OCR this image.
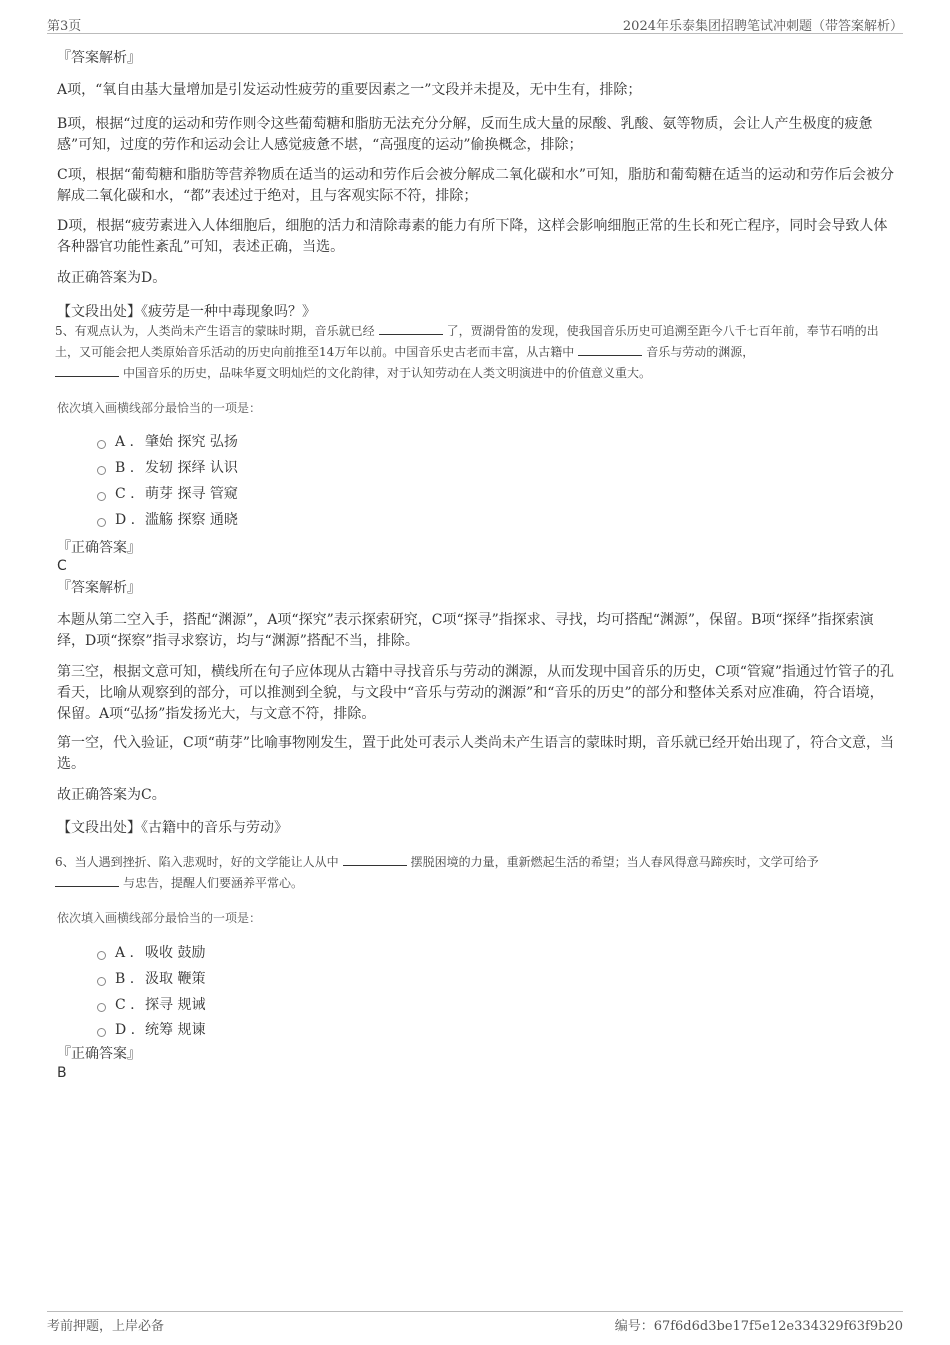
第3页	2024年乐泰集团招聘笔试冲刺题（带答案解析）
『答案解析』
A项，“氧自由基大量增加是引发运动性疲劳的重要因素之一”文段并未提及，无中生有，排除；
B项，根据“过度的运动和劳作则令这些葡萄糖和脂肪无法充分分解，反而生成大量的尿酸、乳酸、氨等物质，会让人产生极度的疲惫感”可知，过度的劳作和运动会让人感觉疲惫不堪，“高强度的运动”偷换概念，排除；
C项，根据“葡萄糖和脂肪等营养物质在适当的运动和劳作后会被分解成二氧化碳和水”可知，脂肪和葡萄糖在适当的运动和劳作后会被分解成二氧化碳和水，“都”表述过于绝对，且与客观实际不符，排除；
D项，根据“疲劳素进入人体细胞后，细胞的活力和清除毒素的能力有所下降，这样会影响细胞正常的生长和死亡程序，同时会导致人体各种器官功能性紊乱”可知，表述正确，当选。
故正确答案为D。
【文段出处】《疲劳是一种中毒现象吗？》
5、有观点认为，人类尚未产生语言的蒙昧时期，音乐就已经	了，贾湖骨笛的发现，使我国音乐历史可追溯至距今八千七百年前，奉节石哨的出土，又可能会把人类原始音乐活动的历史向前推至14万年以前。中国音乐史古老而丰富，从古籍中	音乐与劳动的渊源，
中国音乐的历史，品味华夏文明灿烂的文化韵律，对于认知劳动在人类文明演进中的价值意义重大。
依次填入画横线部分最恰当的一项是：
A . 肇始 探究 弘扬
B . 发轫 探绎 认识
C . 萌芽 探寻 管窥
D . 滥觞 探察 通晓
『正确答案』
C
『答案解析』
本题从第二空入手，搭配“渊源”，A项“探究”表示探索研究，C项“探寻”指探求、寻找，均可搭配“渊源”，保留。B项“探绎”指探索演绎，D项“探察”指寻求察访，均与“渊源”搭配不当，排除。
第三空，根据文意可知，横线所在句子应体现从古籍中寻找音乐与劳动的渊源，从而发现中国音乐的历史，C项“管窥”指通过竹管子的孔看天，比喻从观察到的部分，可以推测到全貌，与文段中“音乐与劳动的渊源”和“音乐的历史”的部分和整体关系对应准确，符合语境，保留。A项“弘扬”指发扬光大，与文意不符，排除。
第一空，代入验证，C项“萌芽”比喻事物刚发生，置于此处可表示人类尚未产生语言的蒙昧时期，音乐就已经开始出现了，符合文意，当选。
故正确答案为C。
【文段出处】《古籍中的音乐与劳动》
6、当人遇到挫折、陷入悲观时，好的文学能让人从中	摆脱困境的力量，重新燃起生活的希望；当人春风得意马蹄疾时，文学可给予
与忠告，提醒人们要涵养平常心。
依次填入画横线部分最恰当的一项是：
A . 吸收 鼓励
B . 汲取 鞭策
C . 探寻 规诫
D . 统筹 规谏
『正确答案』
B
考前押题，上岸必备	编号：67f6d6d3be17f5e12e334329f63f9b20
